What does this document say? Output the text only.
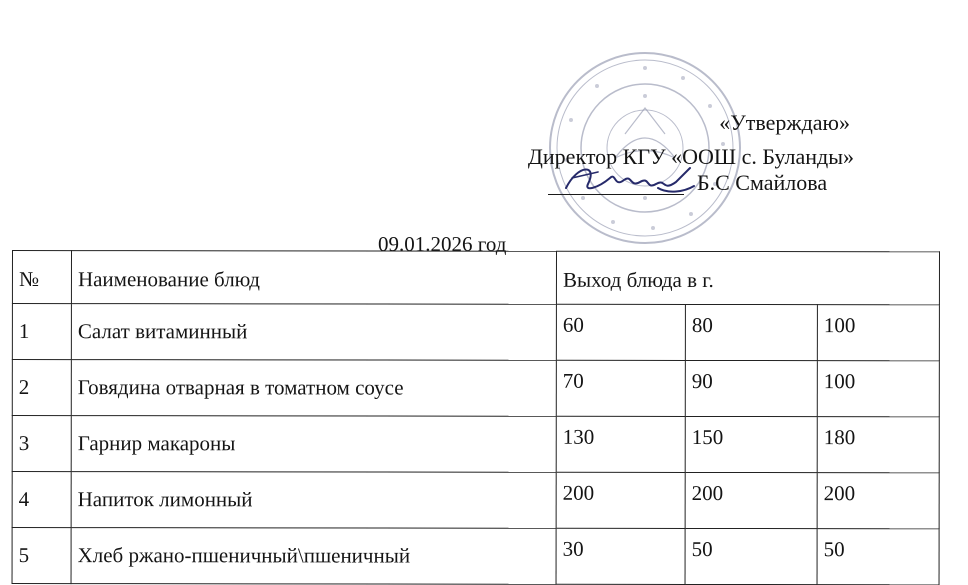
«Утверждаю»
Директор КГУ «ООШ с. Буланды»
Б.С Смайлова
09.01.2026 год
№	Наименование блюд	Выход блюда в г.		
1	Салат витаминный	60	80	100
2	Говядина отварная в томатном соусе	70	90	100
3	Гарнир макароны	130	150	180
4	Напиток лимонный	200	200	200
5	Хлеб ржано-пшеничный\пшеничный	30	50	50
